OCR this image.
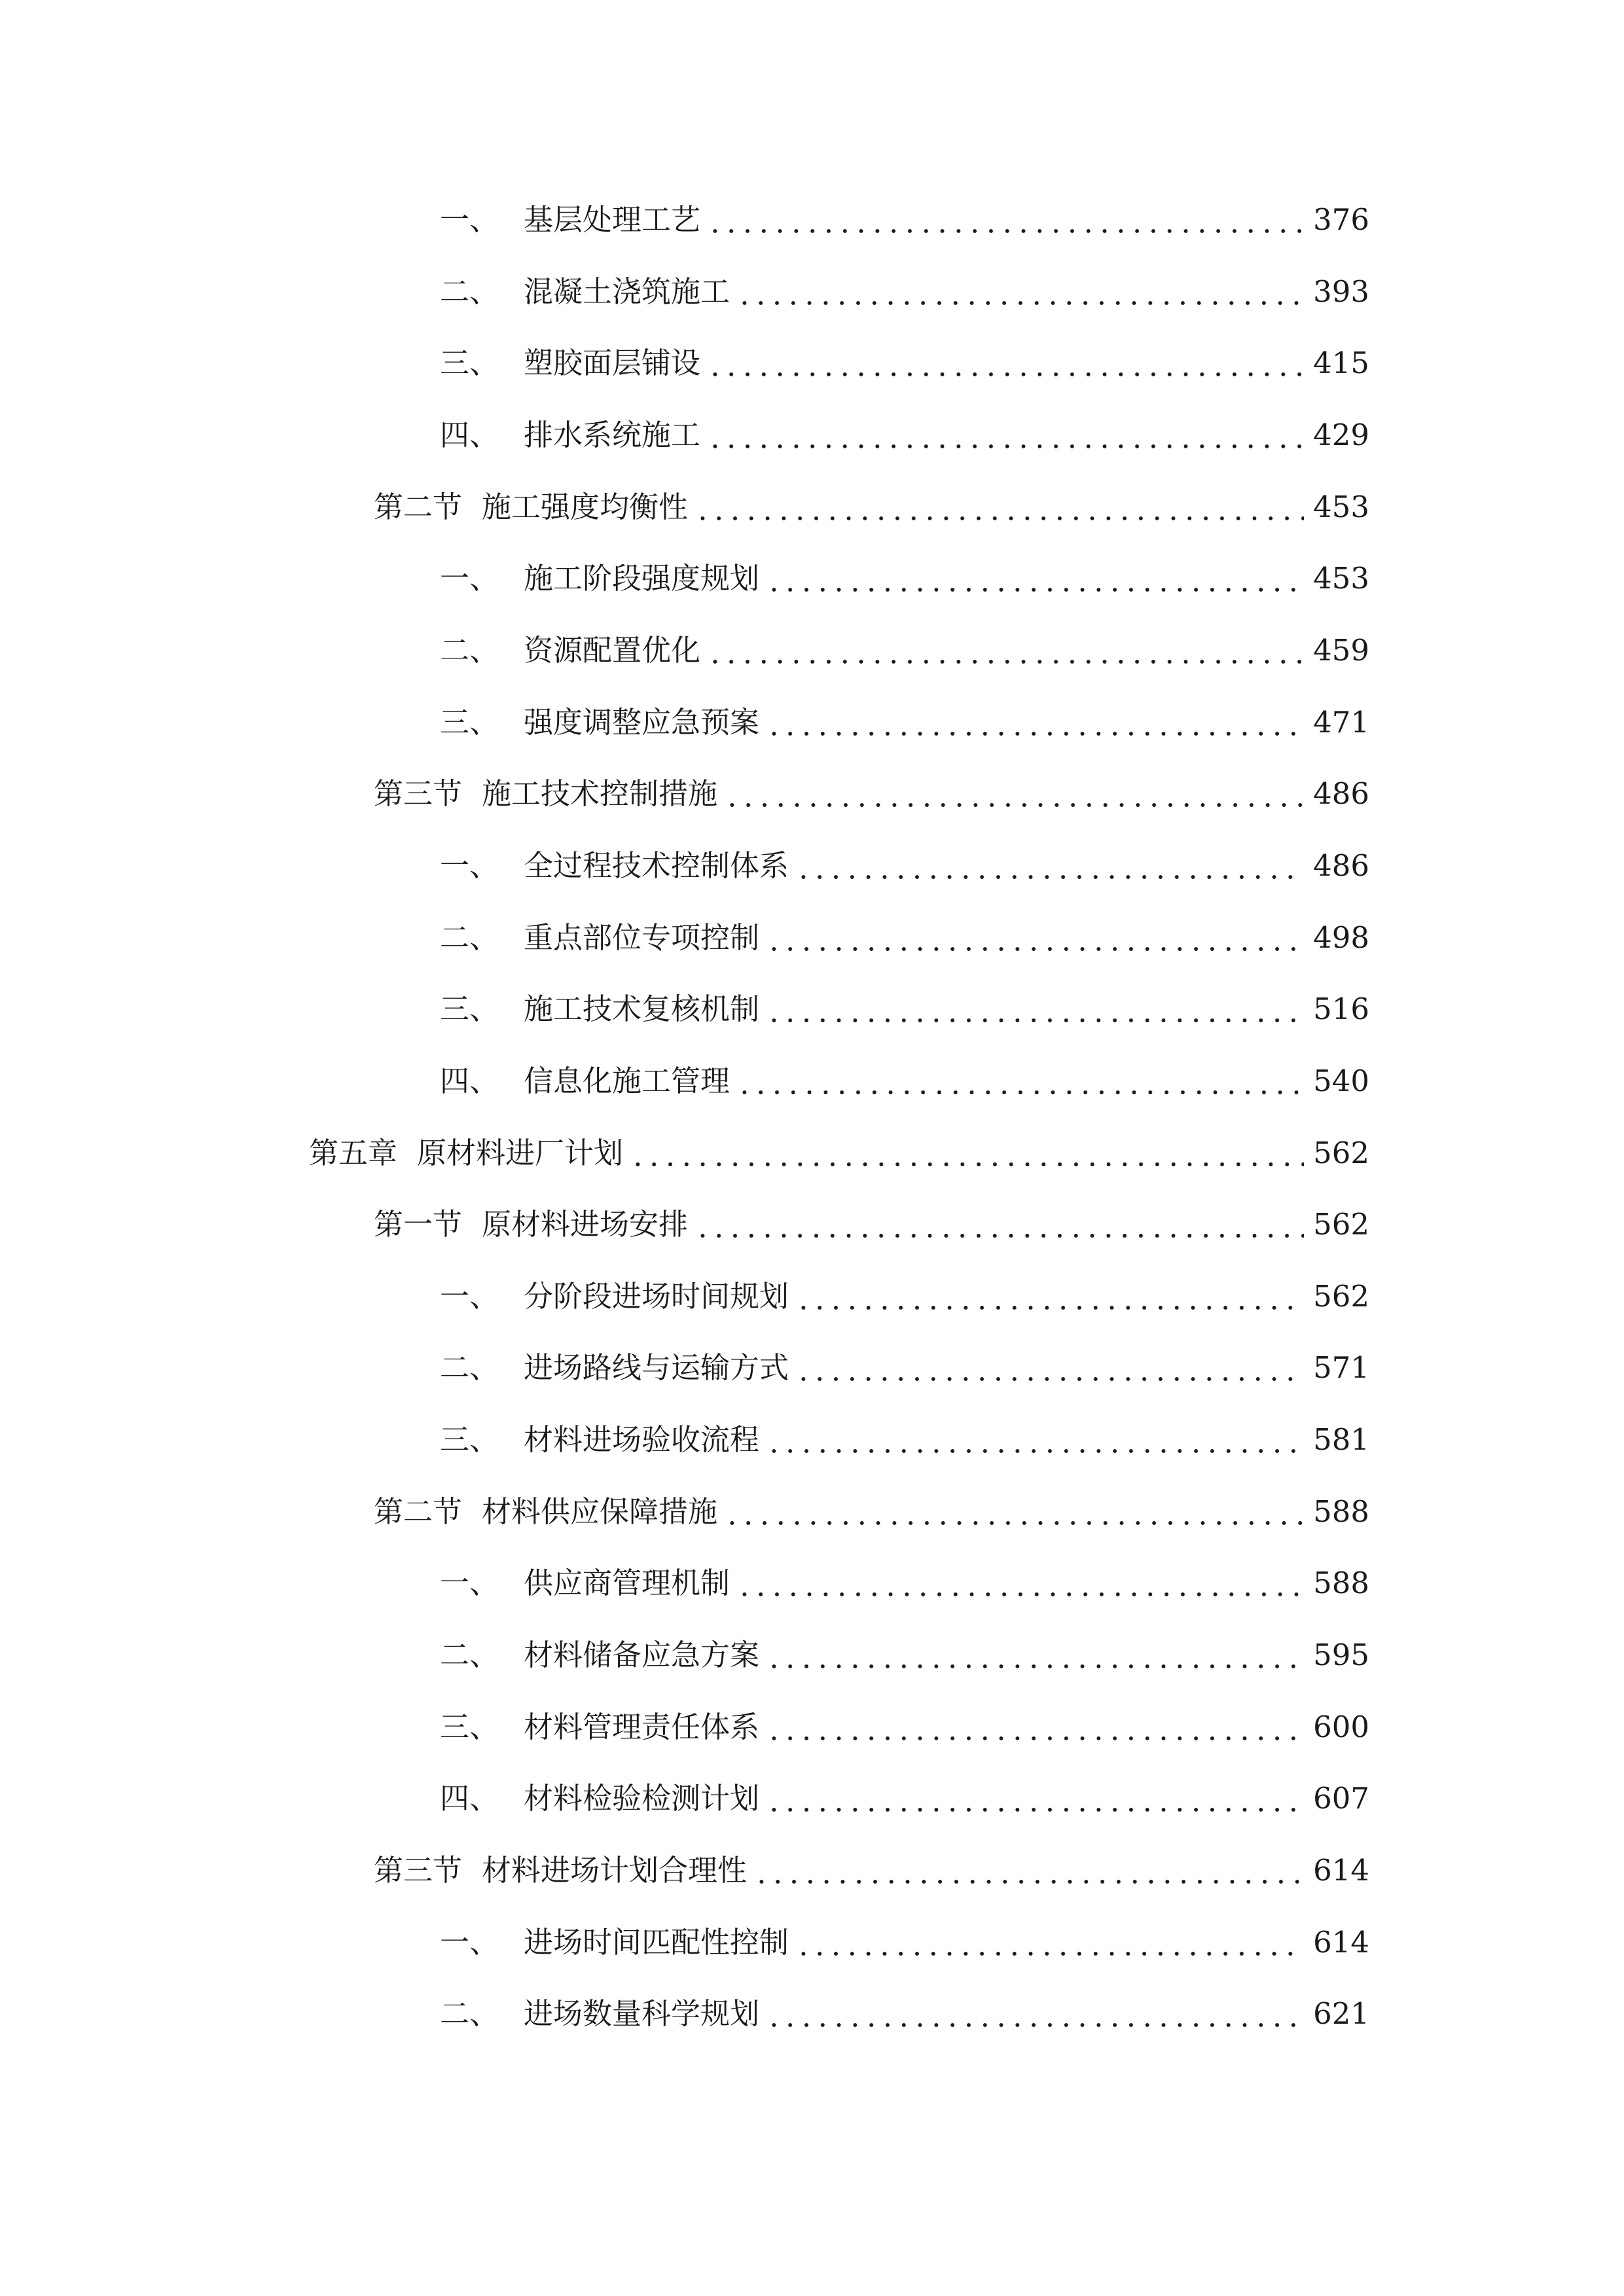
一、 基层处理工艺	376
二、 混凝土浇筑施工	393
三、 塑胶面层铺设	415
四、 排水系统施工	429
第二节 施工强度均衡性	453
一、 施工阶段强度规划	453
二、 资源配置优化	459
三、 强度调整应急预案	471
第三节 施工技术控制措施	486
一、 全过程技术控制体系	486
二、 重点部位专项控制	498
三、 施工技术复核机制	516
四、 信息化施工管理	540
第五章 原材料进厂计划	562
第一节 原材料进场安排	562
一、 分阶段进场时间规划	562
二、 进场路线与运输方式	571
三、 材料进场验收流程	581
第二节 材料供应保障措施	588
一、 供应商管理机制	588
二、 材料储备应急方案	595
三、 材料管理责任体系	600
四、 材料检验检测计划	607
第三节 材料进场计划合理性	614
一、 进场时间匹配性控制	614
二、 进场数量科学规划	621
